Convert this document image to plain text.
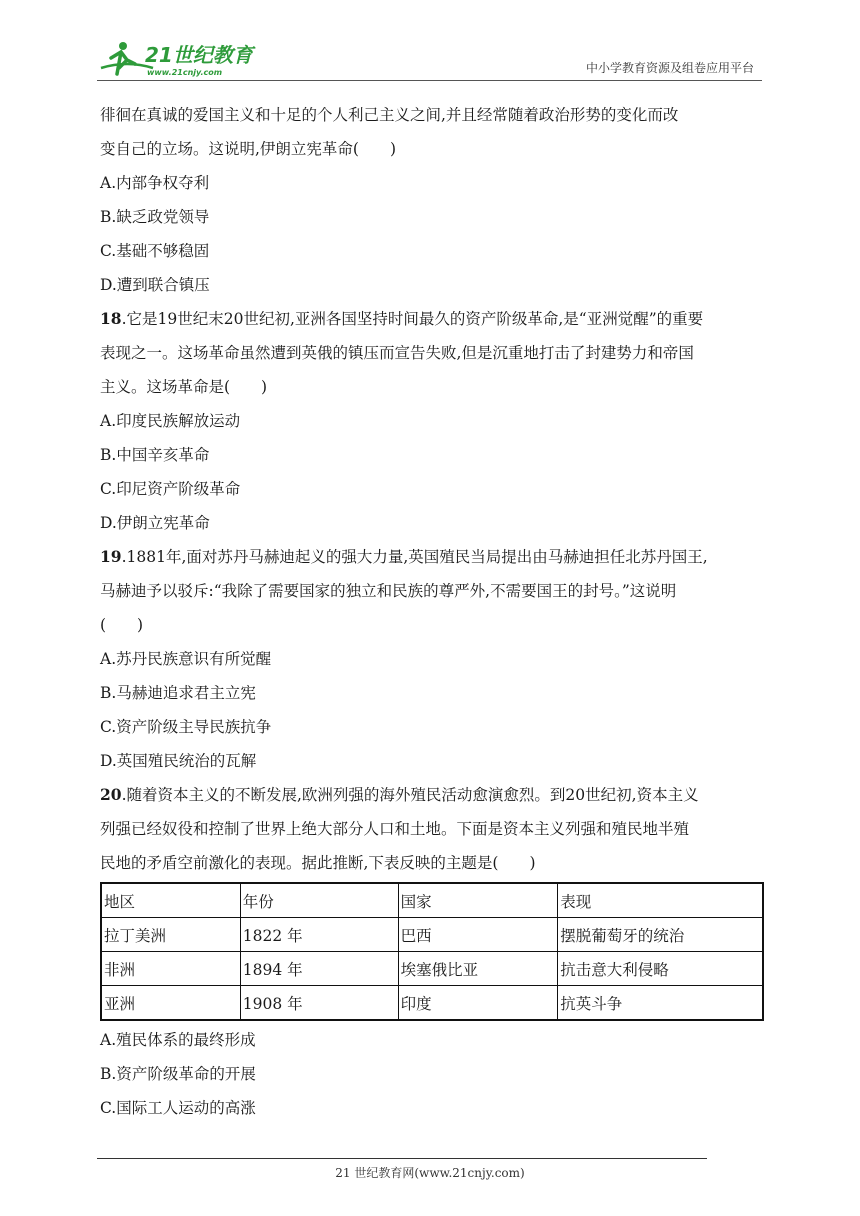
21世纪教育
www.21cnjy.com	中小学教育资源及组卷应用平台
徘徊在真诚的爱国主义和十足的个人利己主义之间,并且经常随着政治形势的变化而改
变自己的立场。这说明,伊朗立宪革命(　　)
A.内部争权夺利
B.缺乏政党领导
C.基础不够稳固
D.遭到联合镇压
18.它是19世纪末20世纪初,亚洲各国坚持时间最久的资产阶级革命,是“亚洲觉醒”的重要
表现之一。这场革命虽然遭到英俄的镇压而宣告失败,但是沉重地打击了封建势力和帝国
主义。这场革命是(　　)
A.印度民族解放运动
B.中国辛亥革命
C.印尼资产阶级革命
D.伊朗立宪革命
19.1881年,面对苏丹马赫迪起义的强大力量,英国殖民当局提出由马赫迪担任北苏丹国王,
马赫迪予以驳斥:“我除了需要国家的独立和民族的尊严外,不需要国王的封号。”这说明
(　　)
A.苏丹民族意识有所觉醒
B.马赫迪追求君主立宪
C.资产阶级主导民族抗争
D.英国殖民统治的瓦解
20.随着资本主义的不断发展,欧洲列强的海外殖民活动愈演愈烈。到20世纪初,资本主义
列强已经奴役和控制了世界上绝大部分人口和土地。下面是资本主义列强和殖民地半殖
民地的矛盾空前激化的表现。据此推断,下表反映的主题是(　　)
地区	年份	国家	表现
拉丁美洲	1822 年	巴西	摆脱葡萄牙的统治
非洲	1894 年	埃塞俄比亚	抗击意大利侵略
亚洲	1908 年	印度	抗英斗争
A.殖民体系的最终形成
B.资产阶级革命的开展
C.国际工人运动的高涨
21 世纪教育网(www.21cnjy.com)
